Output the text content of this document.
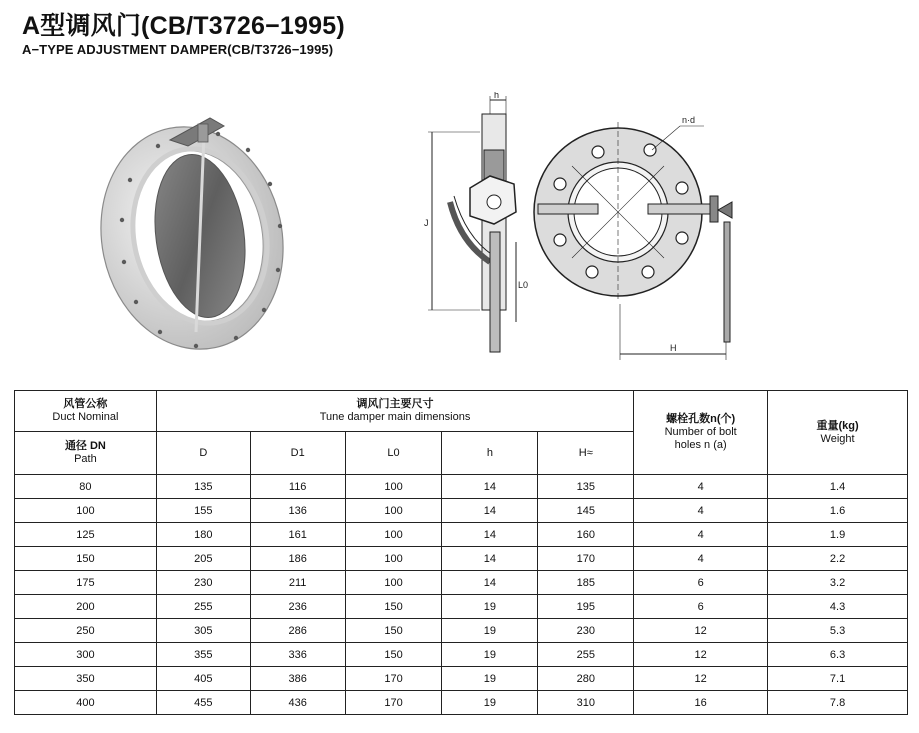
A型调风门(CB/T3726−1995)
A−TYPE ADJUSTMENT DAMPER(CB/T3726−1995)
h
J
L0
H
n·d
风管公称
Duct Nominal	调风门主要尺寸
Tune damper main dimensions					螺栓孔数n(个)
Number of bolt
holes n (a)	重量(kg)
Weight

通径 DN
Path	D	D1	L0	h	H≈		
80	135	116	100	14	135	4	1.4
100	155	136	100	14	145	4	1.6
125	180	161	100	14	160	4	1.9
150	205	186	100	14	170	4	2.2
175	230	211	100	14	185	6	3.2
200	255	236	150	19	195	6	4.3
250	305	286	150	19	230	12	5.3
300	355	336	150	19	255	12	6.3
350	405	386	170	19	280	12	7.1
400	455	436	170	19	310	16	7.8
